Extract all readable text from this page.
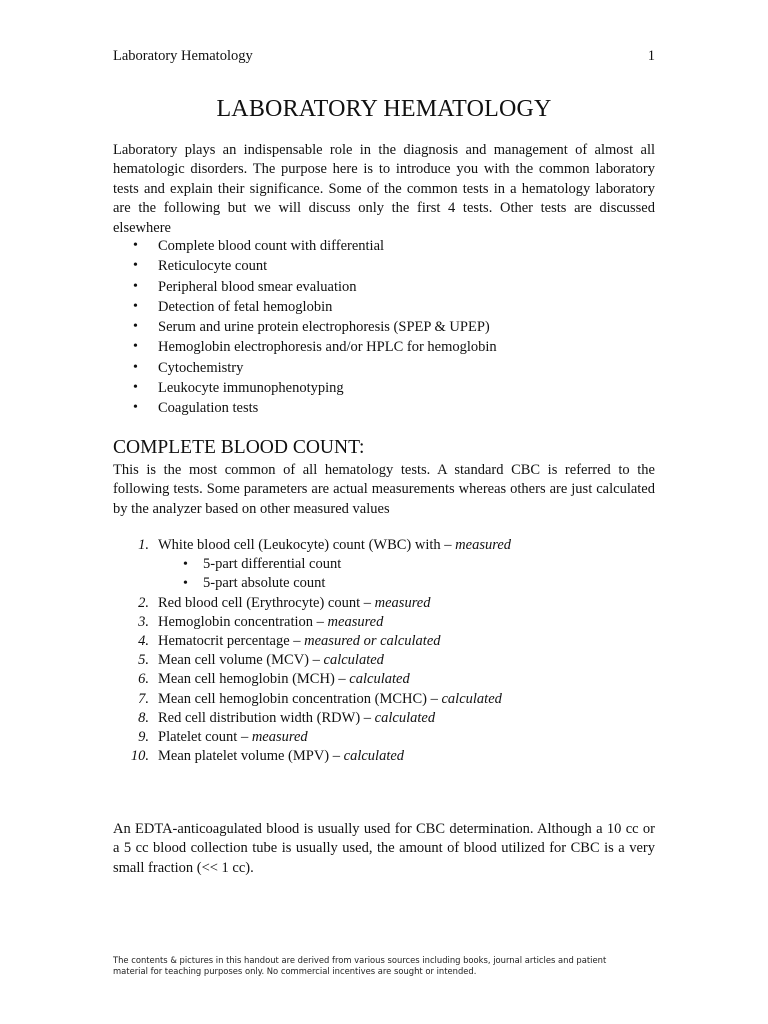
Laboratory Hematology	1
LABORATORY HEMATOLOGY

Laboratory plays an indispensable role in the diagnosis and management of almost all hematologic disorders. The purpose here is to introduce you with the common laboratory tests and explain their significance. Some of the common tests in a hematology laboratory are the following but we will discuss only the first 4 tests. Other tests are discussed elsewhere

• Complete blood count with differential
• Reticulocyte count
• Peripheral blood smear evaluation
• Detection of fetal hemoglobin
• Serum and urine protein electrophoresis (SPEP & UPEP)
• Hemoglobin electrophoresis and/or HPLC for hemoglobin
• Cytochemistry
• Leukocyte immunophenotyping
• Coagulation tests
COMPLETE BLOOD COUNT:

This is the most common of all hematology tests. A standard CBC is referred to the following tests. Some parameters are actual measurements whereas others are just calculated by the analyzer based on other measured values

1. White blood cell (Leukocyte) count (WBC) with – measured
• 5-part differential count
• 5-part absolute count
2. Red blood cell (Erythrocyte) count – measured
3. Hemoglobin concentration – measured
4. Hematocrit percentage – measured or calculated
5. Mean cell volume (MCV) – calculated
6. Mean cell hemoglobin (MCH) – calculated
7. Mean cell hemoglobin concentration (MCHC) – calculated
8. Red cell distribution width (RDW) – calculated
9. Platelet count – measured
10. Mean platelet volume (MPV) – calculated

An EDTA-anticoagulated blood is usually used for CBC determination. Although a 10 cc or a 5 cc blood collection tube is usually used, the amount of blood utilized for CBC is a very small fraction (<< 1 cc).

The contents & pictures in this handout are derived from various sources including books, journal articles and patient
material for teaching purposes only. No commercial incentives are sought or intended.
